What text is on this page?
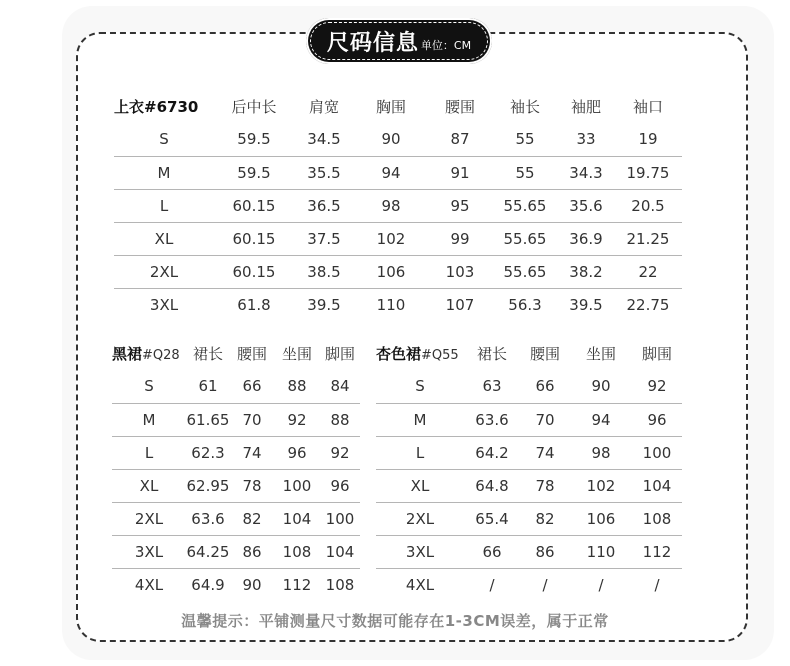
尺码信息 单位：CM
上衣#6730	后中长	肩宽	胸围	腰围	袖长	袖肥	袖口
S	59.5	34.5	90	87	55	33	19
M	59.5	35.5	94	91	55	34.3	19.75
L	60.15	36.5	98	95	55.65	35.6	20.5
XL	60.15	37.5	102	99	55.65	36.9	21.25
2XL	60.15	38.5	106	103	55.65	38.2	22
3XL	61.8	39.5	110	107	56.3	39.5	22.75
黑裙#Q28	裙长	腰围	坐围	脚围
S	61	66	88	84
M	61.65	70	92	88
L	62.3	74	96	92
XL	62.95	78	100	96
2XL	63.6	82	104	100
3XL	64.25	86	108	104
4XL	64.9	90	112	108
杏色裙#Q55	裙长	腰围	坐围	脚围
S	63	66	90	92
M	63.6	70	94	96
L	64.2	74	98	100
XL	64.8	78	102	104
2XL	65.4	82	106	108
3XL	66	86	110	112
4XL	/	/	/	/
温馨提示：平铺测量尺寸数据可能存在1-3CM误差，属于正常
